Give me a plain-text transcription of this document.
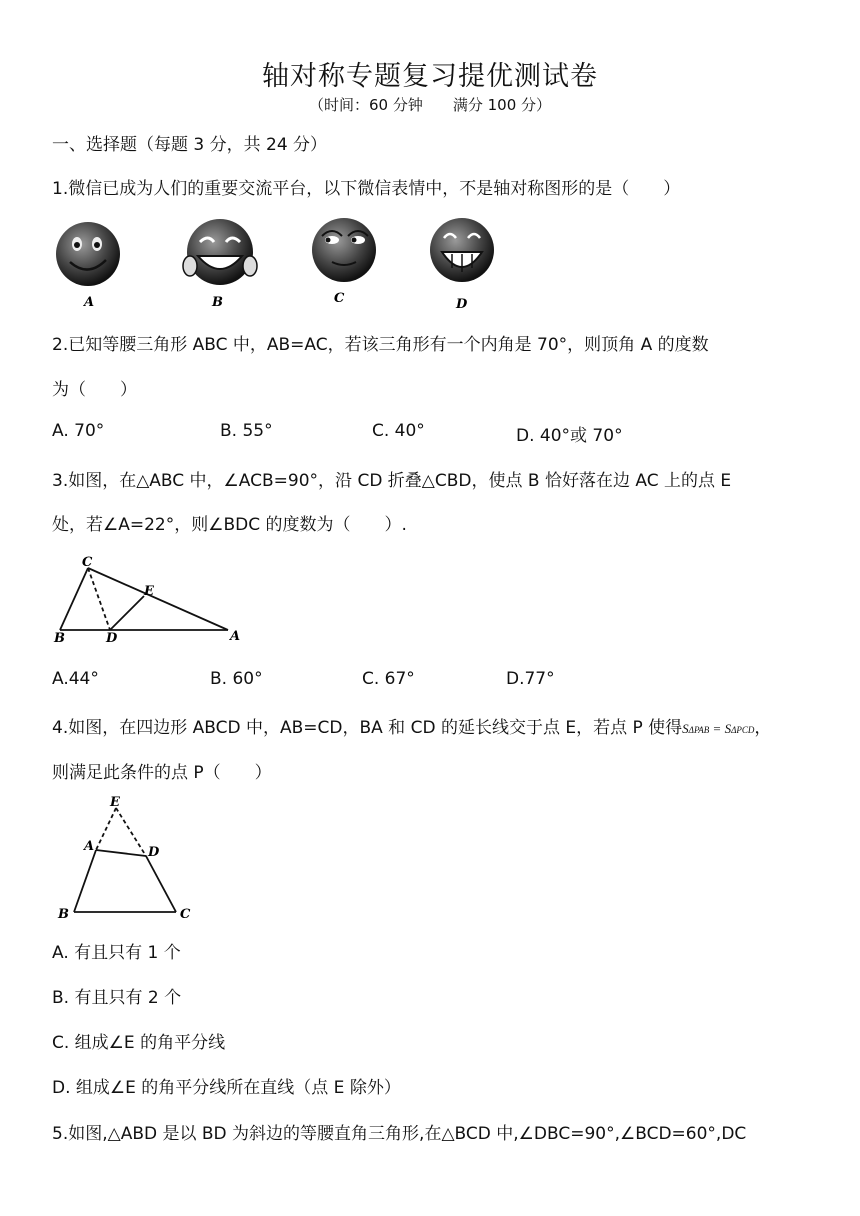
轴对称专题复习提优测试卷
（时间：60 分钟　　满分 100 分）
一、选择题（每题 3 分，共 24 分）
1.微信已成为人们的重要交流平台，以下微信表情中，不是轴对称图形的是（　　）
A	B	C	D
2.已知等腰三角形 ABC 中，AB=AC，若该三角形有一个内角是 70°，则顶角 A 的度数
为（　　）
A. 70°	B. 55°	C. 40°	D. 40°或 70°
3.如图，在△ABC 中，∠ACB=90°，沿 CD 折叠△CBD，使点 B 恰好落在边 AC 上的点 E
处，若∠A=22°，则∠BDC 的度数为（　　）.
C
E
B	D	A
A.44°	B. 60°	C. 67°	D.77°
4.如图，在四边形 ABCD 中，AB=CD，BA 和 CD 的延长线交于点 E，若点 P 使得SΔPAB = SΔPCD，
则满足此条件的点 P（　　）
E
A	D
B	C
A. 有且只有 1 个
B. 有且只有 2 个
C. 组成∠E 的角平分线
D. 组成∠E 的角平分线所在直线（点 E 除外）
5.如图,△ABD 是以 BD 为斜边的等腰直角三角形,在△BCD 中,∠DBC=90°,∠BCD=60°,DC
